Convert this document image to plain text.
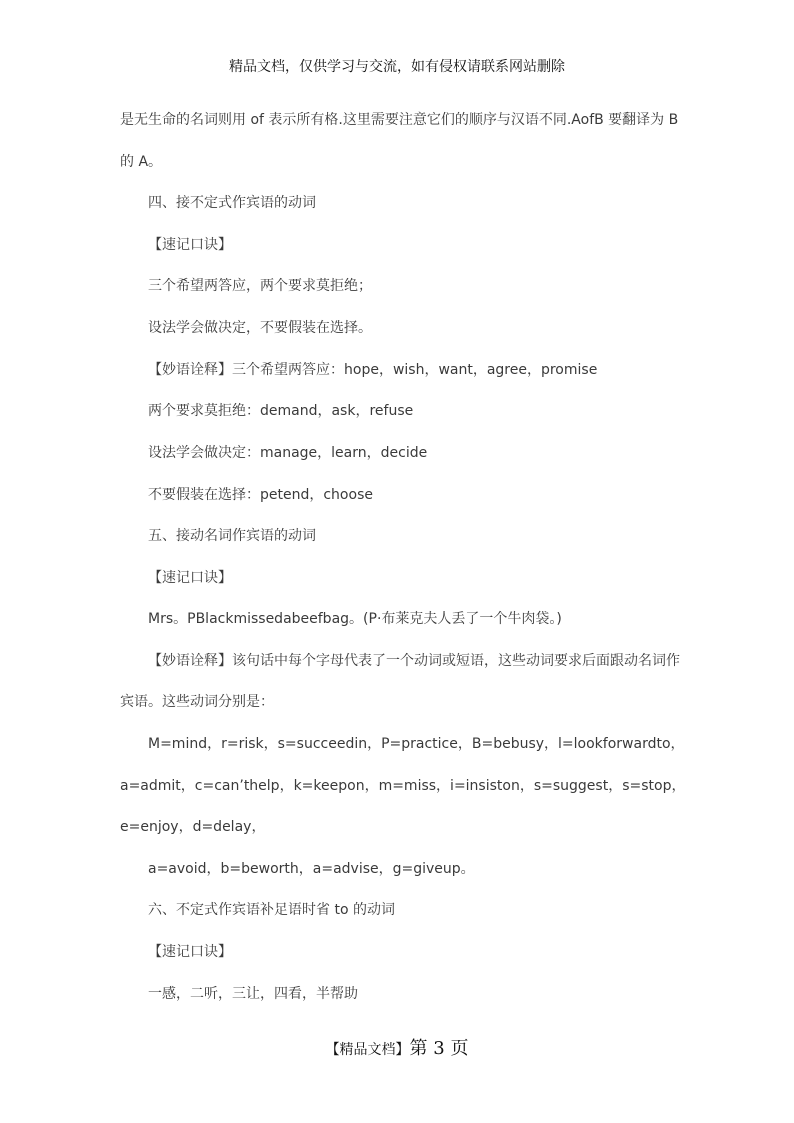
精品文档，仅供学习与交流，如有侵权请联系网站删除
是无生命的名词则用 of 表示所有格.这里需要注意它们的顺序与汉语不同.AofB 要翻译为 B
的 A。
四、接不定式作宾语的动词
【速记口诀】
三个希望两答应，两个要求莫拒绝；
设法学会做决定，不要假装在选择。
【妙语诠释】三个希望两答应：hope，wish，want，agree，promise
两个要求莫拒绝：demand，ask，refuse
设法学会做决定：manage，learn，decide
不要假装在选择：petend，choose
五、接动名词作宾语的动词
【速记口诀】
Mrs。PBlackmissedabeefbag。(P·布莱克夫人丢了一个牛肉袋。)
【妙语诠释】该句话中每个字母代表了一个动词或短语，这些动词要求后面跟动名词作
宾语。这些动词分别是：
M=mind，r=risk，s=succeedin，P=practice，B=bebusy，l=lookforwardto，
a=admit，c=can’thelp，k=keepon，m=miss，i=insiston，s=suggest，s=stop，
e=enjoy，d=delay，
a=avoid，b=beworth，a=advise，g=giveup。
六、不定式作宾语补足语时省 to 的动词
【速记口诀】
一感，二听，三让，四看，半帮助
【精品文档】第 3 页
